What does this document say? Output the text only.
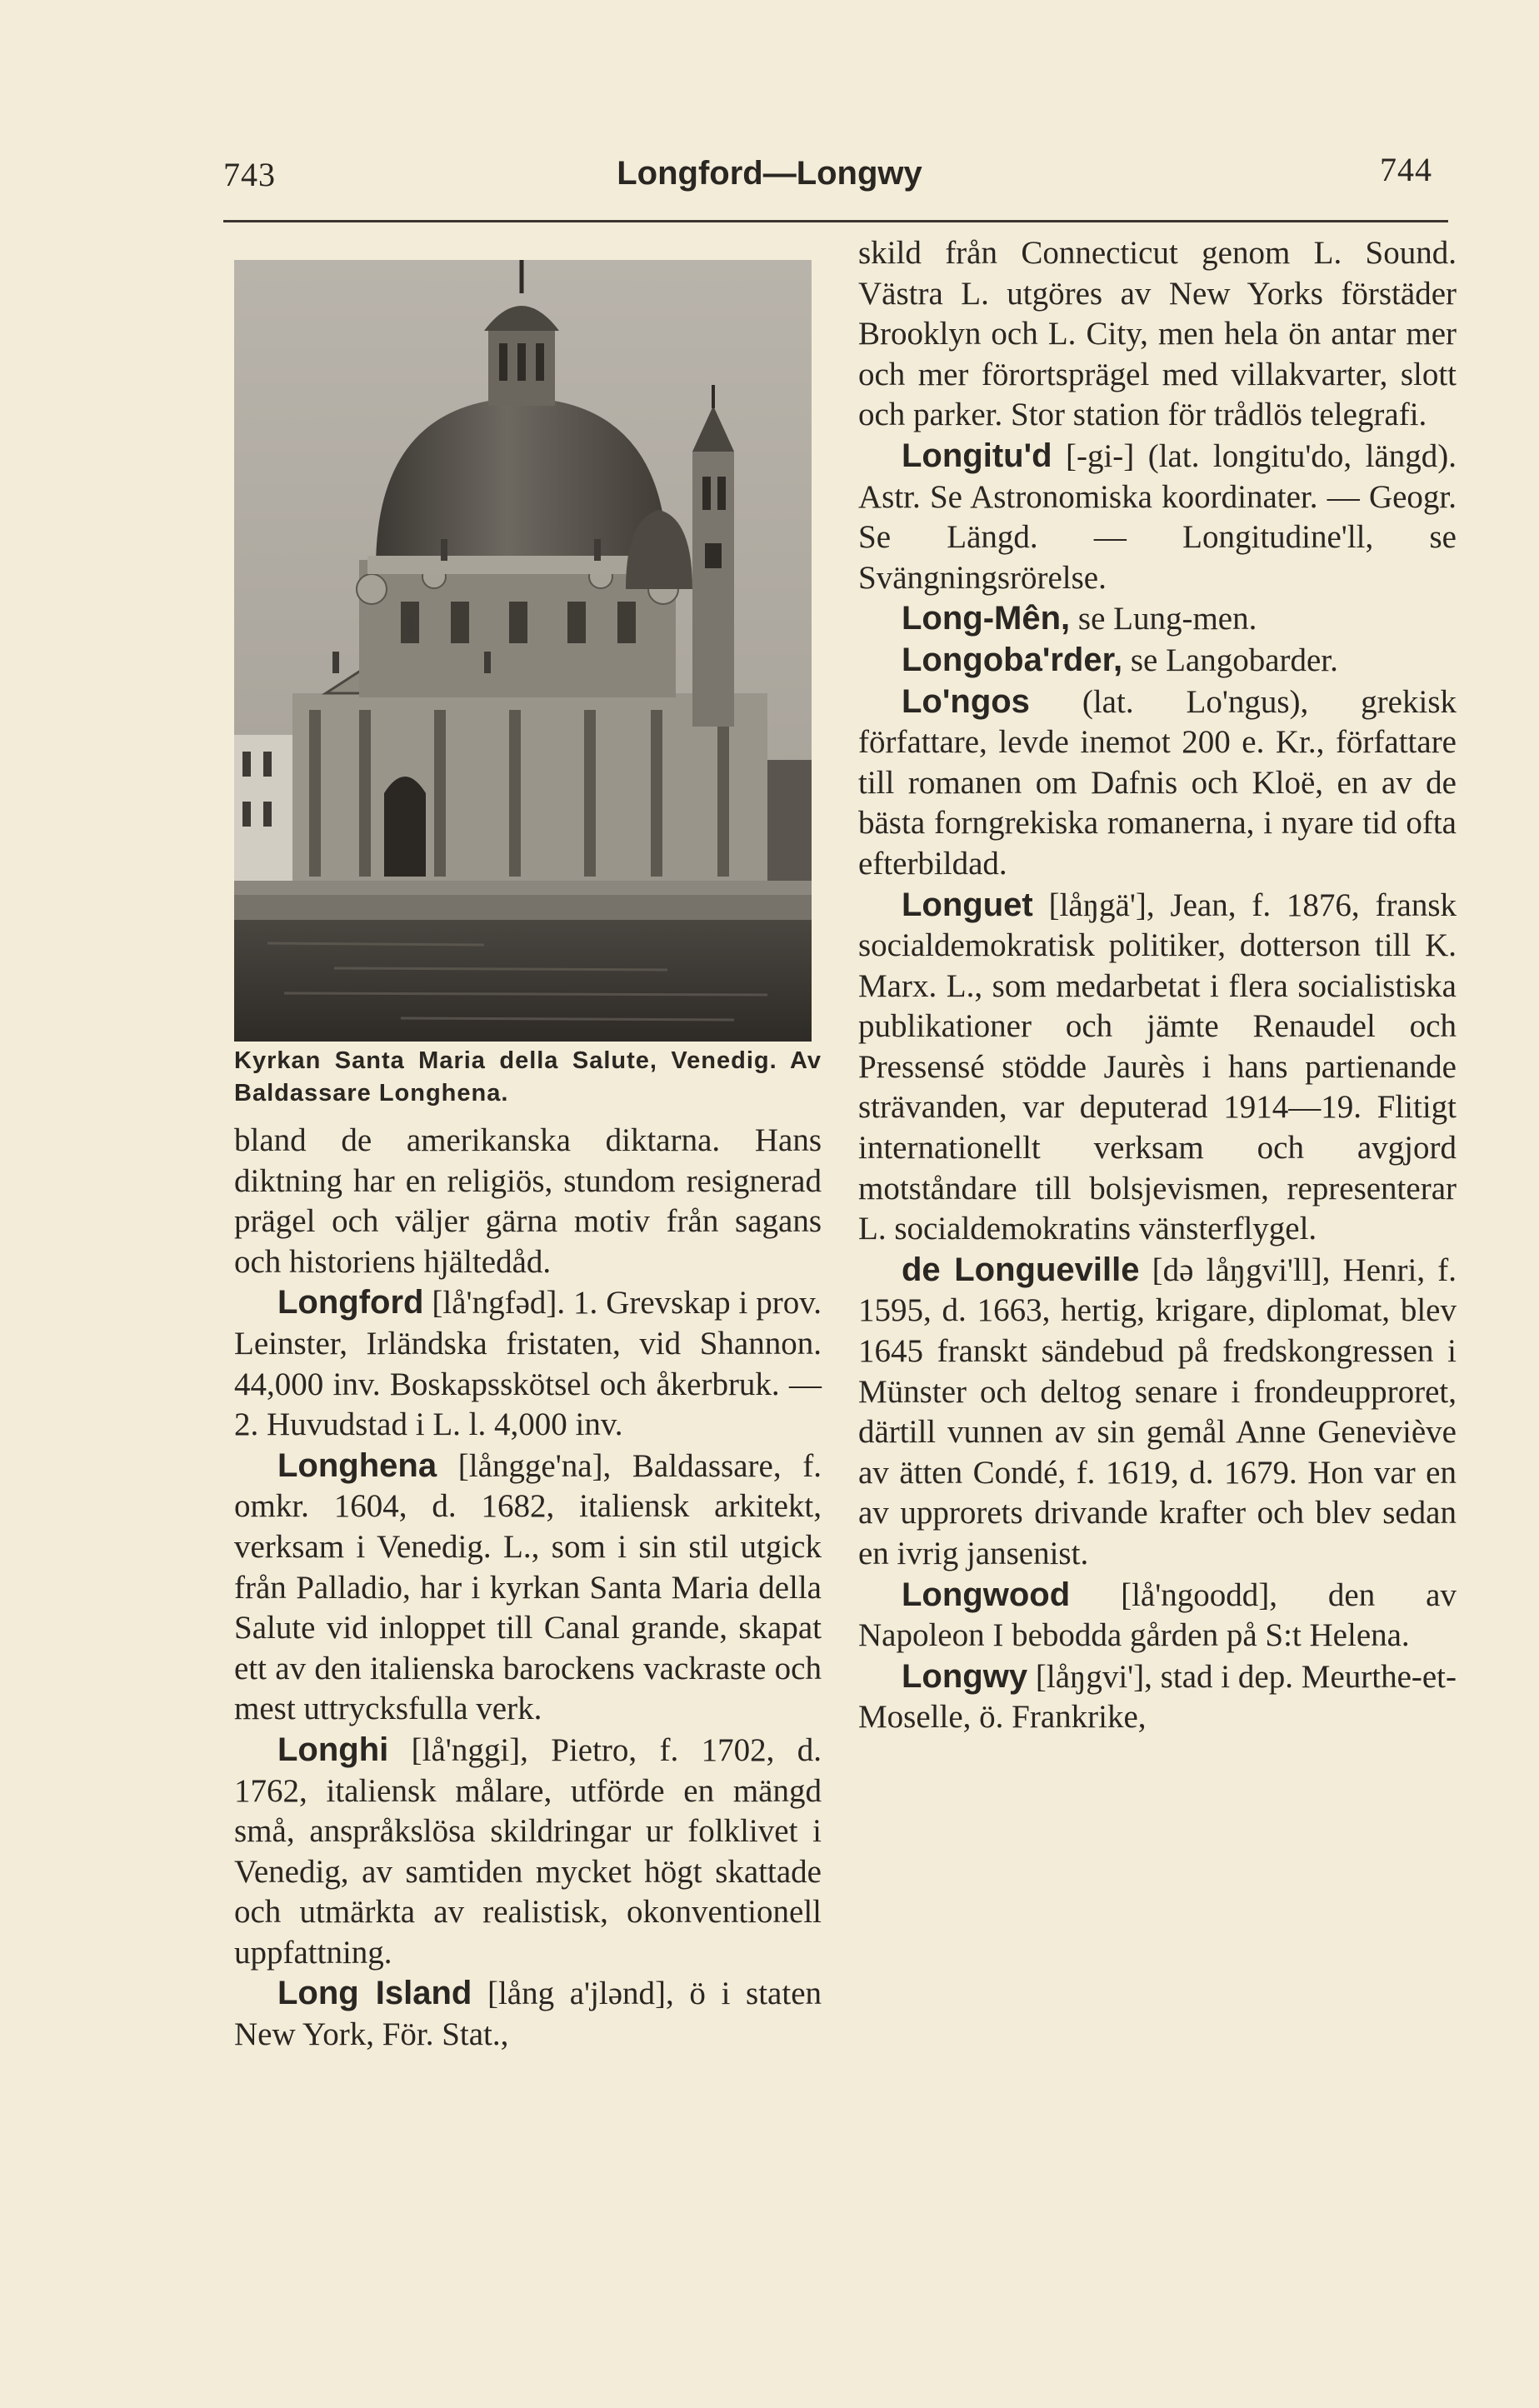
743	Longford—Longwy	744
Kyrkan Santa Maria della Salute, Venedig. Av Baldassare Longhena.

bland de amerikanska diktarna. Hans diktning har en religiös, stundom resignerad prägel och väljer gärna motiv från sagans och historiens hjältedåd.

Longford [lå'ngfəd]. 1. Grevskap i prov. Leinster, Irländska fristaten, vid Shannon. 44,000 inv. Boskapsskötsel och åkerbruk. — 2. Huvudstad i L. l. 4,000 inv.

Longhena [långgе'na], Baldassare, f. omkr. 1604, d. 1682, italiensk arkitekt, verksam i Venedig. L., som i sin stil utgick från Palladio, har i kyrkan Santa Maria della Salute vid inloppet till Canal grande, skapat ett av den italienska barockens vackraste och mest uttrycksfulla verk.

Longhi [lå'nggi], Pietro, f. 1702, d. 1762, italiensk målare, utförde en mängd små, anspråkslösa skildringar ur folklivet i Venedig, av samtiden mycket högt skattade och utmärkta av realistisk, okonventionell uppfattning.

Long Island [lång a'jlənd], ö i staten New York, För. Stat.,

skild från Connecticut genom L. Sound. Västra L. utgöres av New Yorks förstäder Brooklyn och L. City, men hela ön antar mer och mer förortsprägel med villakvarter, slott och parker. Stor station för trådlös telegrafi.

Longitu'd [-gi-] (lat. longitu'do, längd). Astr. Se Astronomiska koordinater. — Geogr. Se Längd. — Longitudine'll, se Svängningsrörelse.

Long-Mên, se Lung-men.

Longoba'rder, se Langobarder.

Lo'ngos (lat. Lo'ngus), grekisk författare, levde inemot 200 e. Kr., författare till romanen om Dafnis och Kloë, en av de bästa forngrekiska romanerna, i nyare tid ofta efterbildad.

Longuet [låŋgä'], Jean, f. 1876, fransk socialdemokratisk politiker, dotterson till K. Marx. L., som medarbetat i flera socialistiska publikationer och jämte Renaudel och Pressensé stödde Jaurès i hans partienande strävanden, var deputerad 1914—19. Flitigt internationellt verksam och avgjord motståndare till bolsjevismen, representerar L. socialdemokratins vänsterflygel.

de Longueville [də låŋgvi'll], Henri, f. 1595, d. 1663, hertig, krigare, diplomat, blev 1645 franskt sändebud på fredskongressen i Münster och deltog senare i frondeupproret, därtill vunnen av sin gemål Anne Geneviève av ätten Condé, f. 1619, d. 1679. Hon var en av upprorets drivande krafter och blev sedan en ivrig jansenist.

Longwood [lå'ngoodd], den av Napoleon I bebodda gården på S:t Helena.

Longwy [låŋgvi'], stad i dep. Meurthe-et-Moselle, ö. Frankrike,
